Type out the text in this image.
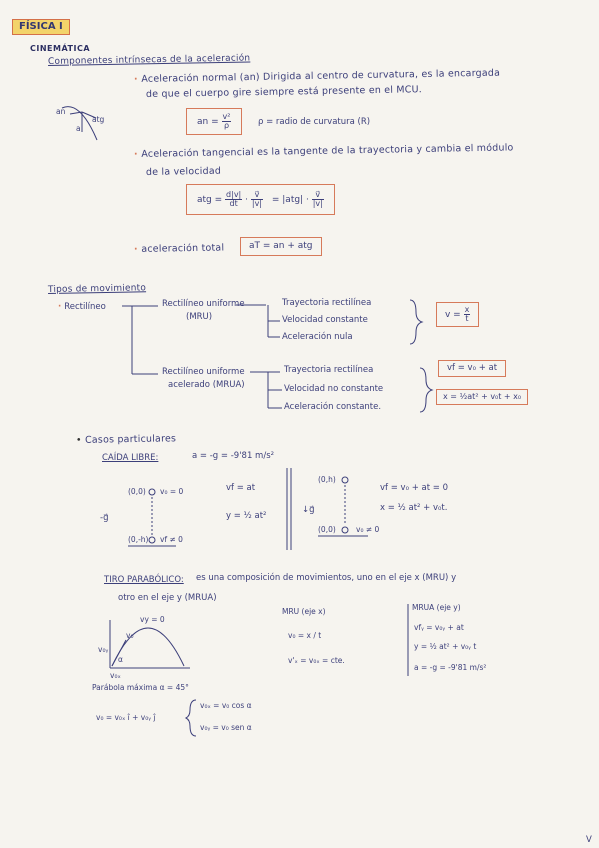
FÍSICA I
CINEMÁTICA
Componentes intrínsecas de la aceleración
· Aceleración normal (an) Dirigida al centro de curvatura, es la encargada
de que el cuerpo gire siempre está presente en el MCU.
an
atg
a
an = $\frac{\text{v²}}{\rho}$	ρ = radio de curvatura (R)
· Aceleración tangencial es la tangente de la trayectoria y cambia el módulo
de la velocidad
atg = $\frac{d|v|}{dt} \cdot \frac{v⃗}{|v|} = |atg| \cdot \frac{v⃗}{|v|}$
· aceleración total	aT = an + atg
Tipos de movimiento
· Rectilíneo	Rectilíneo uniforme
(MRU)
Trayectoria rectilínea
Velocidad constante
Aceleración nula
$v = \frac{x}{t}$
Rectilíneo uniforme
acelerado (MRUA)
Trayectoria rectilínea
Velocidad no constante
Aceleración constante.
vf = v₀ + at
x = ½at² + v₀t + x₀
• Casos particulares
CAÍDA LIBRE:	a = -g = -9'81 m/s²
(0,0) v₀ = 0
-g⃗
(0,-h) vf ≠ 0
vf = at
y = ½ at²
(0,h)
↓g⃗
(0,0)	v₀ ≠ 0
vf = v₀ + at = 0
x = ½ at² + v₀t.
TIRO PARABÓLICO: es una composición de movimientos, uno en el eje x (MRU) y
otro en el eje y (MRUA)
vy = 0
v₀
v₀ᵧ
v₀ₓ
α
Parábola máxima α = 45°
MRU (eje x)
v₀ = x / t
v'ₓ = v₀ₓ = cte.
MRUA (eje y)
vfᵧ = v₀ᵧ + at
y = ½ at² + v₀ᵧ t
a = -g = -9'81 m/s²
v₀ = v₀ₓ î + v₀ᵧ ĵ
v₀ₓ = v₀ cos α
v₀ᵧ = v₀ sen α
V
